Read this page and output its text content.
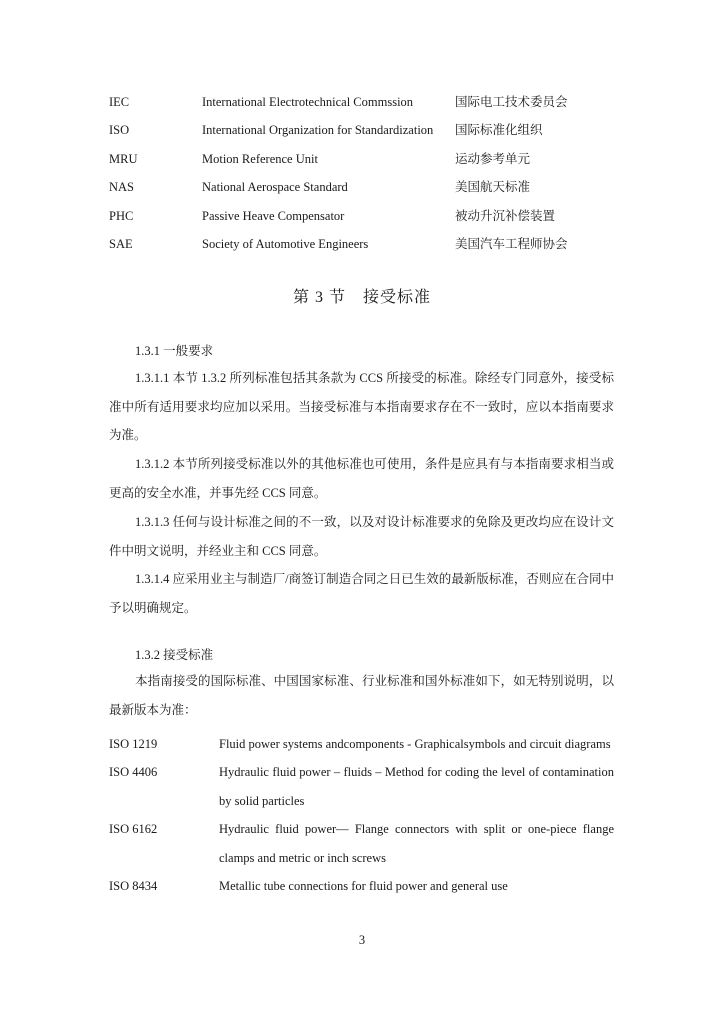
IEC	International Electrotechnical Commssion	国际电工技术委员会
ISO	International Organization for Standardization 国际标准化组织
MRU	Motion Reference Unit	运动参考单元
NAS	National Aerospace Standard	美国航天标准
PHC	Passive Heave Compensator	被动升沉补偿装置
SAE	Society of Automotive Engineers	美国汽车工程师协会
第 3 节　接受标准
1.3.1 一般要求

1.3.1.1 本节 1.3.2 所列标准包括其条款为 CCS 所接受的标准。除经专门同意外，接受标准中所有适用要求均应加以采用。当接受标准与本指南要求存在不一致时，应以本指南要求为准。

1.3.1.2 本节所列接受标准以外的其他标准也可使用，条件是应具有与本指南要求相当或更高的安全水准，并事先经 CCS 同意。

1.3.1.3 任何与设计标准之间的不一致，以及对设计标准要求的免除及更改均应在设计文件中明文说明，并经业主和 CCS 同意。

1.3.1.4 应采用业主与制造厂/商签订制造合同之日已生效的最新版标准，否则应在合同中予以明确规定。

1.3.2 接受标准

本指南接受的国际标准、中国国家标准、行业标准和国外标准如下，如无特别说明，以最新版本为准：

ISO 1219	Fluid power systems andcomponents - Graphicalsymbols and circuit diagrams
ISO 4406	Hydraulic fluid power – fluids – Method for coding the level of contamination by solid particles
ISO 6162	Hydraulic fluid power— Flange connectors with split or one-piece flange clamps and metric or inch screws
ISO 8434	Metallic tube connections for fluid power and general use
3
